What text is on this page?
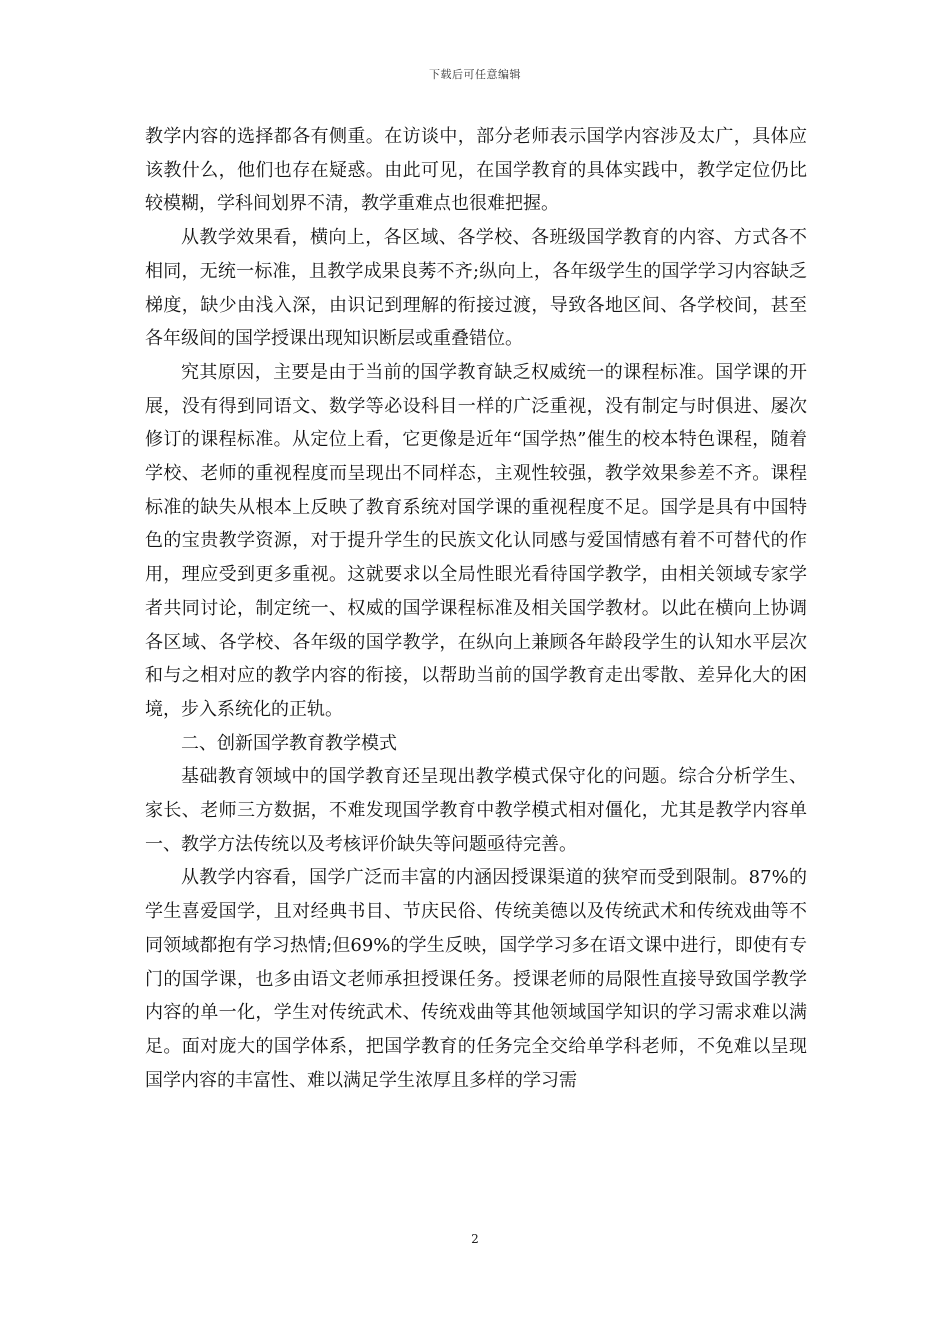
下载后可任意编辑

教学内容的选择都各有侧重。在访谈中，部分老师表示国学内容涉及太广，具体应该教什么，他们也存在疑惑。由此可见，在国学教育的具体实践中，教学定位仍比较模糊，学科间划界不清，教学重难点也很难把握。

从教学效果看，横向上，各区域、各学校、各班级国学教育的内容、方式各不相同，无统一标准，且教学成果良莠不齐;纵向上，各年级学生的国学学习内容缺乏梯度，缺少由浅入深，由识记到理解的衔接过渡，导致各地区间、各学校间，甚至各年级间的国学授课出现知识断层或重叠错位。

究其原因，主要是由于当前的国学教育缺乏权威统一的课程标准。国学课的开展，没有得到同语文、数学等必设科目一样的广泛重视，没有制定与时俱进、屡次修订的课程标准。从定位上看，它更像是近年“国学热”催生的校本特色课程，随着学校、老师的重视程度而呈现出不同样态，主观性较强，教学效果参差不齐。课程标准的缺失从根本上反映了教育系统对国学课的重视程度不足。国学是具有中国特色的宝贵教学资源，对于提升学生的民族文化认同感与爱国情感有着不可替代的作用，理应受到更多重视。这就要求以全局性眼光看待国学教学，由相关领域专家学者共同讨论，制定统一、权威的国学课程标准及相关国学教材。以此在横向上协调各区域、各学校、各年级的国学教学，在纵向上兼顾各年龄段学生的认知水平层次和与之相对应的教学内容的衔接，以帮助当前的国学教育走出零散、差异化大的困境，步入系统化的正轨。

二、创新国学教育教学模式

基础教育领域中的国学教育还呈现出教学模式保守化的问题。综合分析学生、家长、老师三方数据，不难发现国学教育中教学模式相对僵化，尤其是教学内容单一、教学方法传统以及考核评价缺失等问题亟待完善。

从教学内容看，国学广泛而丰富的内涵因授课渠道的狭窄而受到限制。87%的学生喜爱国学，且对经典书目、节庆民俗、传统美德以及传统武术和传统戏曲等不同领域都抱有学习热情;但69%的学生反映，国学学习多在语文课中进行，即使有专门的国学课，也多由语文老师承担授课任务。授课老师的局限性直接导致国学教学内容的单一化，学生对传统武术、传统戏曲等其他领域国学知识的学习需求难以满足。面对庞大的国学体系，把国学教育的任务完全交给单学科老师，不免难以呈现国学内容的丰富性、难以满足学生浓厚且多样的学习需

2
